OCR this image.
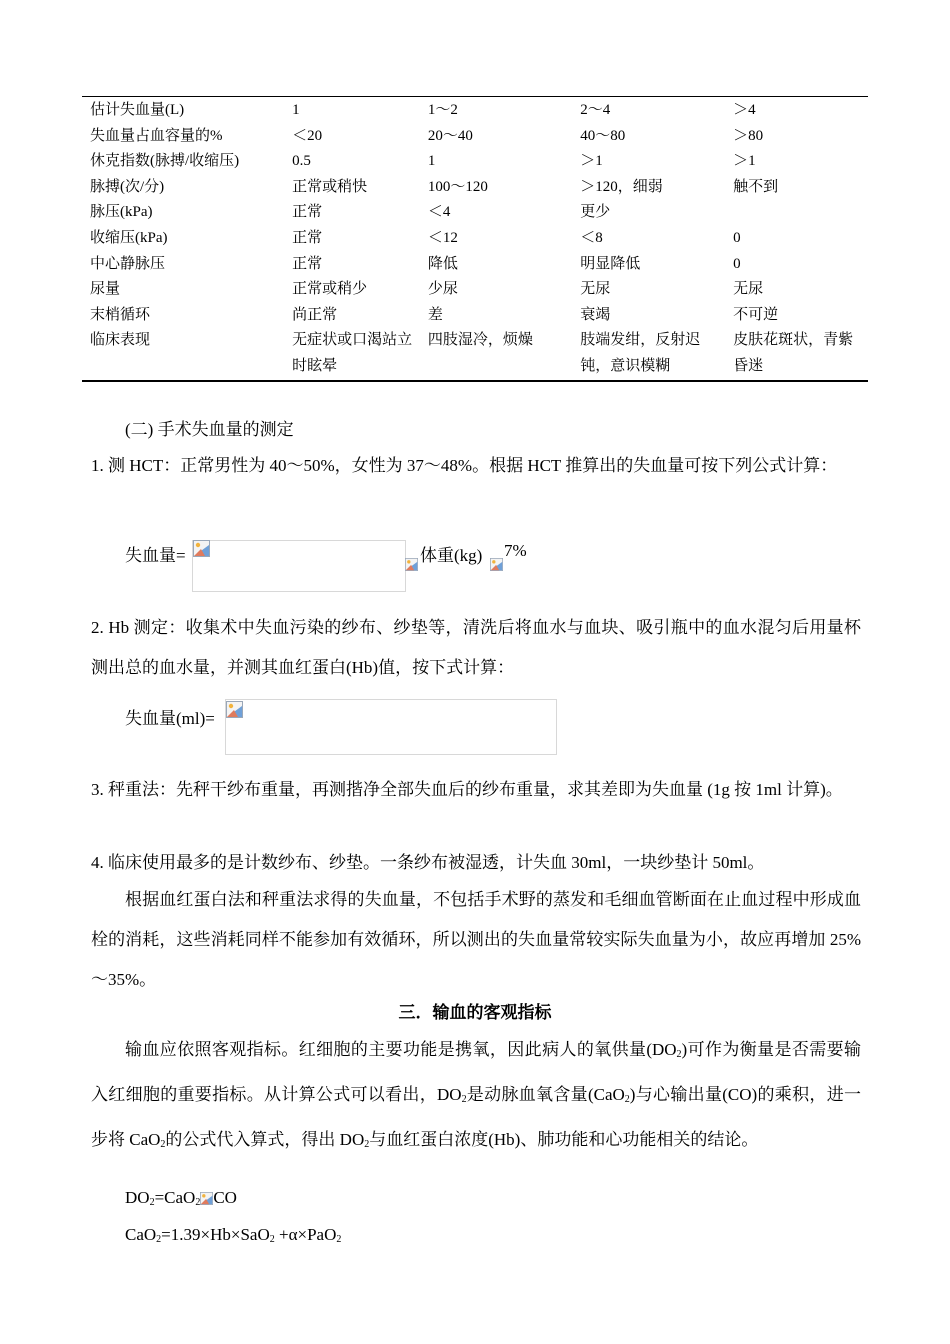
估计失血量(L)	1	1～2	2～4	＞4
失血量占血容量的%	＜20	20～40	40～80	＞80
休克指数(脉搏/收缩压)	0.5	1	＞1	＞1
脉搏(次/分)	正常或稍快	100～120	＞120，细弱	触不到
脉压(kPa)	正常	＜4	更少	
收缩压(kPa)	正常	＜12	＜8	0
中心静脉压	正常	降低	明显降低	0
尿量	正常或稍少	少尿	无尿	无尿
末梢循环	尚正常	差	衰竭	不可逆
临床表现	无症状或口渴站立时眩晕	四肢湿冷，烦燥	肢端发绀，反射迟钝，意识模糊	皮肤花斑状，青紫昏迷

(二) 手术失血量的测定

1. 测 HCT：正常男性为 40～50%，女性为 37～48%。根据 HCT 推算出的失血量可按下列公式计算：

失血量=	体重(kg) 7%

2. Hb 测定：收集术中失血污染的纱布、纱垫等，清洗后将血水与血块、吸引瓶中的血水混匀后用量杯测出总的血水量，并测其血红蛋白(Hb)值，按下式计算：

失血量(ml)=

3. 秤重法：先秤干纱布重量，再测揩净全部失血后的纱布重量，求其差即为失血量 (1g 按 1ml 计算)。

4. 临床使用最多的是计数纱布、纱垫。一条纱布被湿透，计失血 30ml，一块纱垫计 50ml。

根据血红蛋白法和秤重法求得的失血量，不包括手术野的蒸发和毛细血管断面在止血过程中形成血栓的消耗，这些消耗同样不能参加有效循环，所以测出的失血量常较实际失血量为小，故应再增加 25%～35%。

三．输血的客观指标

输血应依照客观指标。红细胞的主要功能是携氧，因此病人的氧供量$(DO_2)$可作为衡量是否需要输入红细胞的重要指标。从计算公式可以看出，$DO_2$是动脉血氧含量(CaO$_2$)与心输出量(CO)的乘积，进一步将 CaO$_2$的公式代入算式，得出 $DO_2$与血红蛋白浓度(Hb)、肺功能和心功能相关的结论。

$DO_2=CaO_2$ CO

CaO$_2$=1.39×Hb×SaO$_2$ +α×PaO$_2$
